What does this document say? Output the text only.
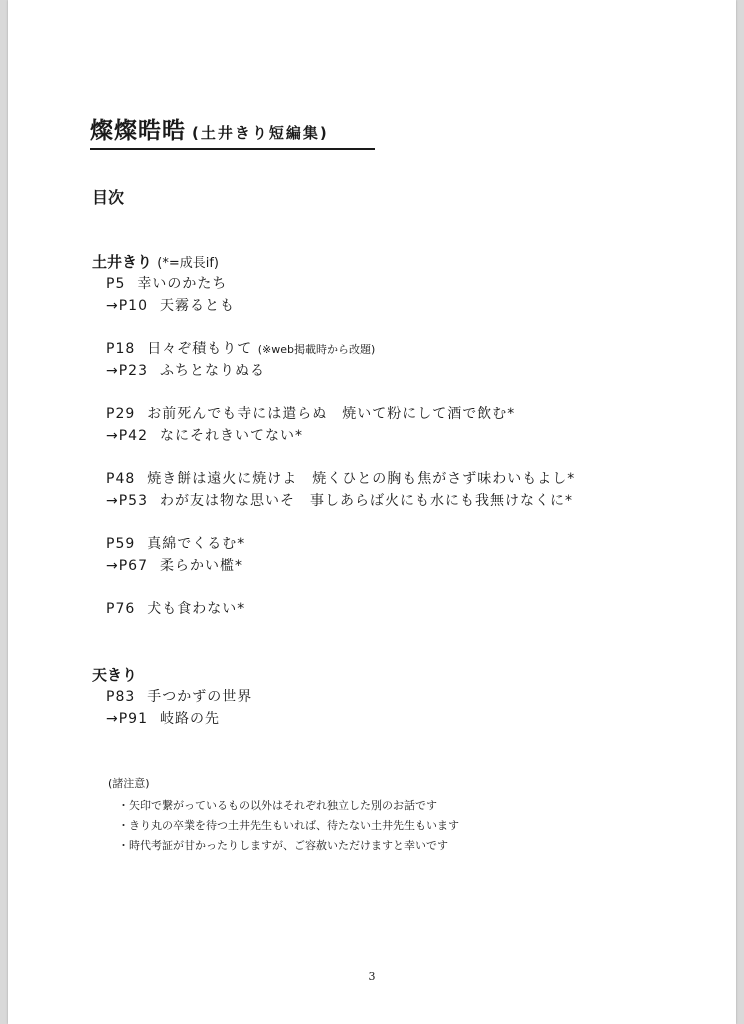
燦燦晧晧 (土井きり短編集)
目次
土井きり (*=成長if)
P5 幸いのかたち
→P10 天霧るとも
P18 日々ぞ積もりて (※web掲載時から改題)
→P23 ふちとなりぬる
P29 お前死んでも寺には遣らぬ　焼いて粉にして酒で飲む*
→P42 なにそれきいてない*
P48 焼き餅は遠火に焼けよ　焼くひとの胸も焦がさず味わいもよし*
→P53 わが友は物な思いそ　事しあらば火にも水にも我無けなくに*
P59 真綿でくるむ*
→P67 柔らかい檻*
P76 犬も食わない*
天きり
P83 手つかずの世界
→P91 岐路の先
(諸注意)
・矢印で繋がっているもの以外はそれぞれ独立した別のお話です
・きり丸の卒業を待つ土井先生もいれば、待たない土井先生もいます
・時代考証が甘かったりしますが、ご容赦いただけますと幸いです
3
